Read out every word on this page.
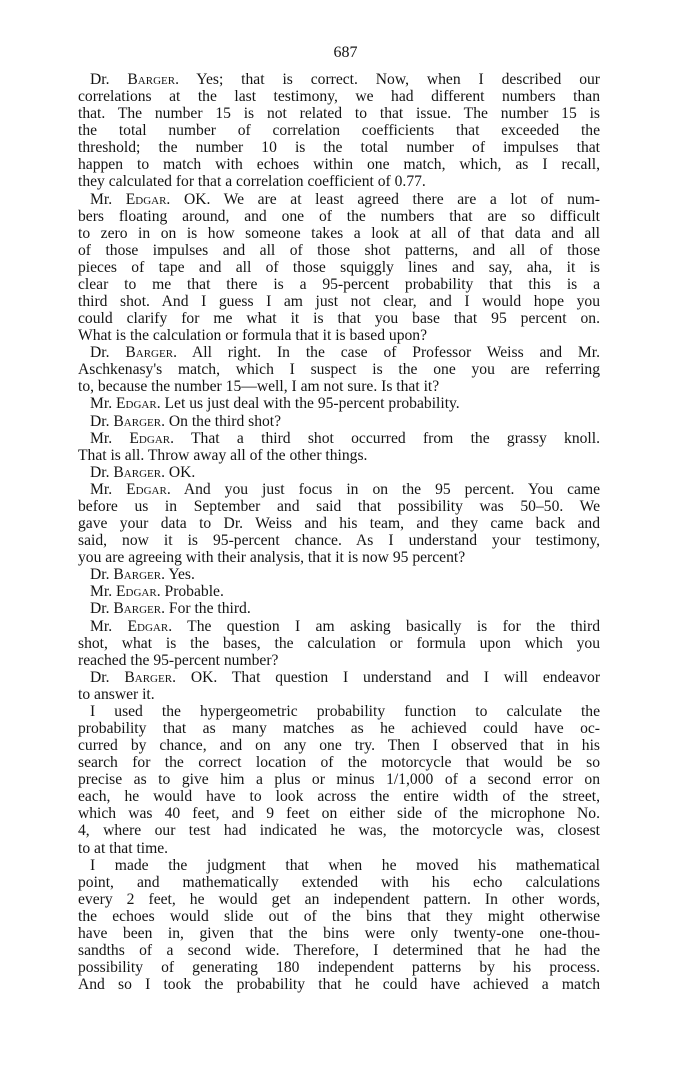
687
Dr. Barger. Yes; that is correct. Now, when I described our
correlations at the last testimony, we had different numbers than
that. The number 15 is not related to that issue. The number 15 is
the total number of correlation coefficients that exceeded the
threshold; the number 10 is the total number of impulses that
happen to match with echoes within one match, which, as I recall,
they calculated for that a correlation coefficient of 0.77.
Mr. Edgar. OK. We are at least agreed there are a lot of num-
bers floating around, and one of the numbers that are so difficult
to zero in on is how someone takes a look at all of that data and all
of those impulses and all of those shot patterns, and all of those
pieces of tape and all of those squiggly lines and say, aha, it is
clear to me that there is a 95-percent probability that this is a
third shot. And I guess I am just not clear, and I would hope you
could clarify for me what it is that you base that 95 percent on.
What is the calculation or formula that it is based upon?
Dr. Barger. All right. In the case of Professor Weiss and Mr.
Aschkenasy's match, which I suspect is the one you are referring
to, because the number 15—well, I am not sure. Is that it?
Mr. Edgar. Let us just deal with the 95-percent probability.
Dr. Barger. On the third shot?
Mr. Edgar. That a third shot occurred from the grassy knoll.
That is all. Throw away all of the other things.
Dr. Barger. OK.
Mr. Edgar. And you just focus in on the 95 percent. You came
before us in September and said that possibility was 50–50. We
gave your data to Dr. Weiss and his team, and they came back and
said, now it is 95-percent chance. As I understand your testimony,
you are agreeing with their analysis, that it is now 95 percent?
Dr. Barger. Yes.
Mr. Edgar. Probable.
Dr. Barger. For the third.
Mr. Edgar. The question I am asking basically is for the third
shot, what is the bases, the calculation or formula upon which you
reached the 95-percent number?
Dr. Barger. OK. That question I understand and I will endeavor
to answer it.
I used the hypergeometric probability function to calculate the
probability that as many matches as he achieved could have oc-
curred by chance, and on any one try. Then I observed that in his
search for the correct location of the motorcycle that would be so
precise as to give him a plus or minus 1/1,000 of a second error on
each, he would have to look across the entire width of the street,
which was 40 feet, and 9 feet on either side of the microphone No.
4, where our test had indicated he was, the motorcycle was, closest
to at that time.
I made the judgment that when he moved his mathematical
point, and mathematically extended with his echo calculations
every 2 feet, he would get an independent pattern. In other words,
the echoes would slide out of the bins that they might otherwise
have been in, given that the bins were only twenty-one one-thou-
sandths of a second wide. Therefore, I determined that he had the
possibility of generating 180 independent patterns by his process.
And so I took the probability that he could have achieved a match
